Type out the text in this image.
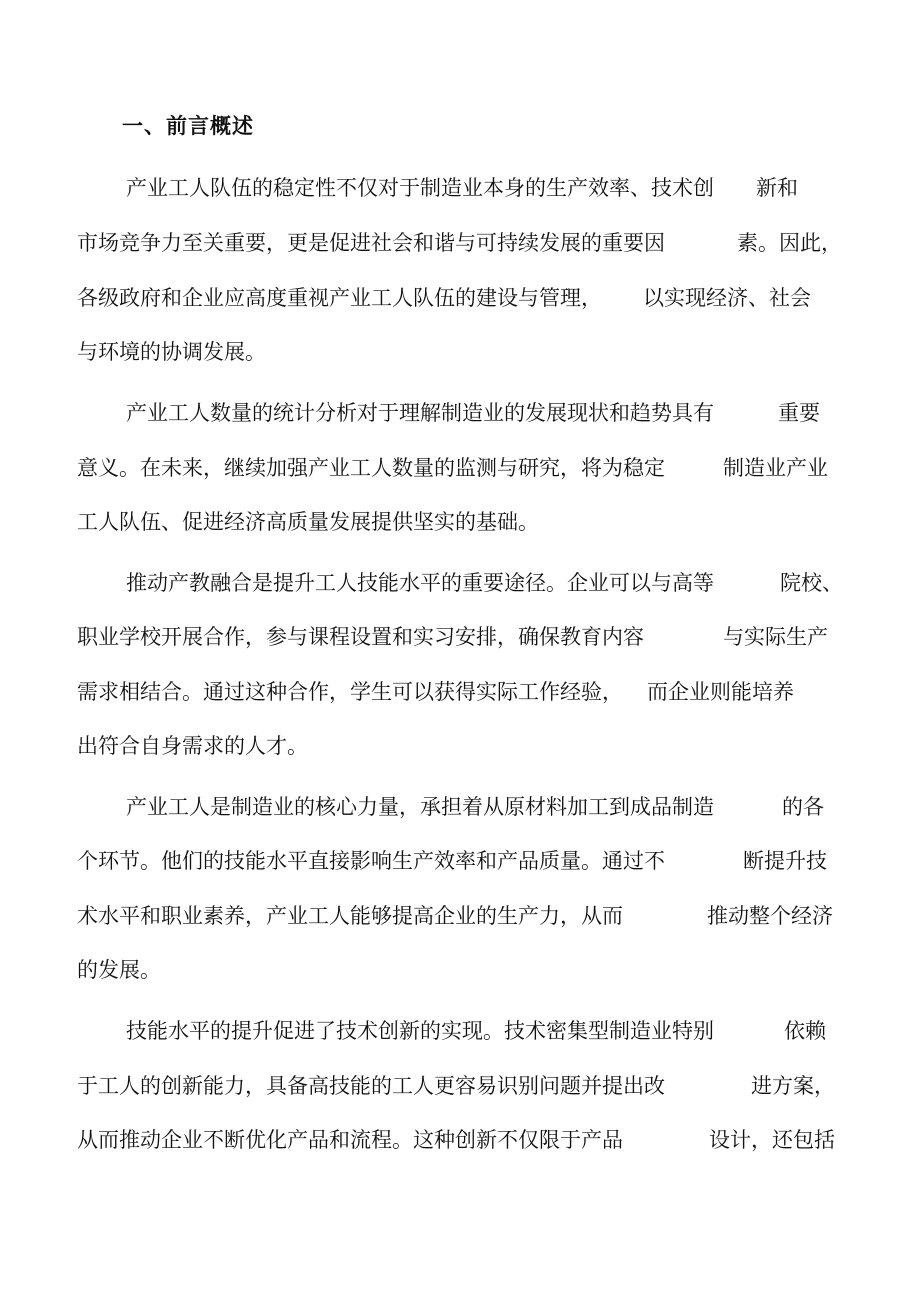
一、前言概述
产业工人队伍的稳定性不仅对于制造业本身的生产效率、技术创 新和
市场竞争力至关重要，更是促进社会和谐与可持续发展的重要因	素。因此，
各级政府和企业应高度重视产业工人队伍的建设与管理， 以实现经济、社会
与环境的协调发展。
产业工人数量的统计分析对于理解制造业的发展现状和趋势具有	重要
意义。在未来，继续加强产业工人数量的监测与研究，将为稳定	制造业产业
工人队伍、促进经济高质量发展提供坚实的基础。
推动产教融合是提升工人技能水平的重要途径。企业可以与高等	院校、
职业学校开展合作，参与课程设置和实习安排，确保教育内容	与实际生产
需求相结合。通过这种合作，学生可以获得实际工作经验， 而企业则能培养
出符合自身需求的人才。
产业工人是制造业的核心力量，承担着从原材料加工到成品制造	的各
个环节。他们的技能水平直接影响生产效率和产品质量。通过不	断提升技
术水平和职业素养，产业工人能够提高企业的生产力，从而	推动整个经济
的发展。
技能水平的提升促进了技术创新的实现。技术密集型制造业特别	依赖
于工人的创新能力，具备高技能的工人更容易识别问题并提出改	进方案，
从而推动企业不断优化产品和流程。这种创新不仅限于产品	设计，还包括
